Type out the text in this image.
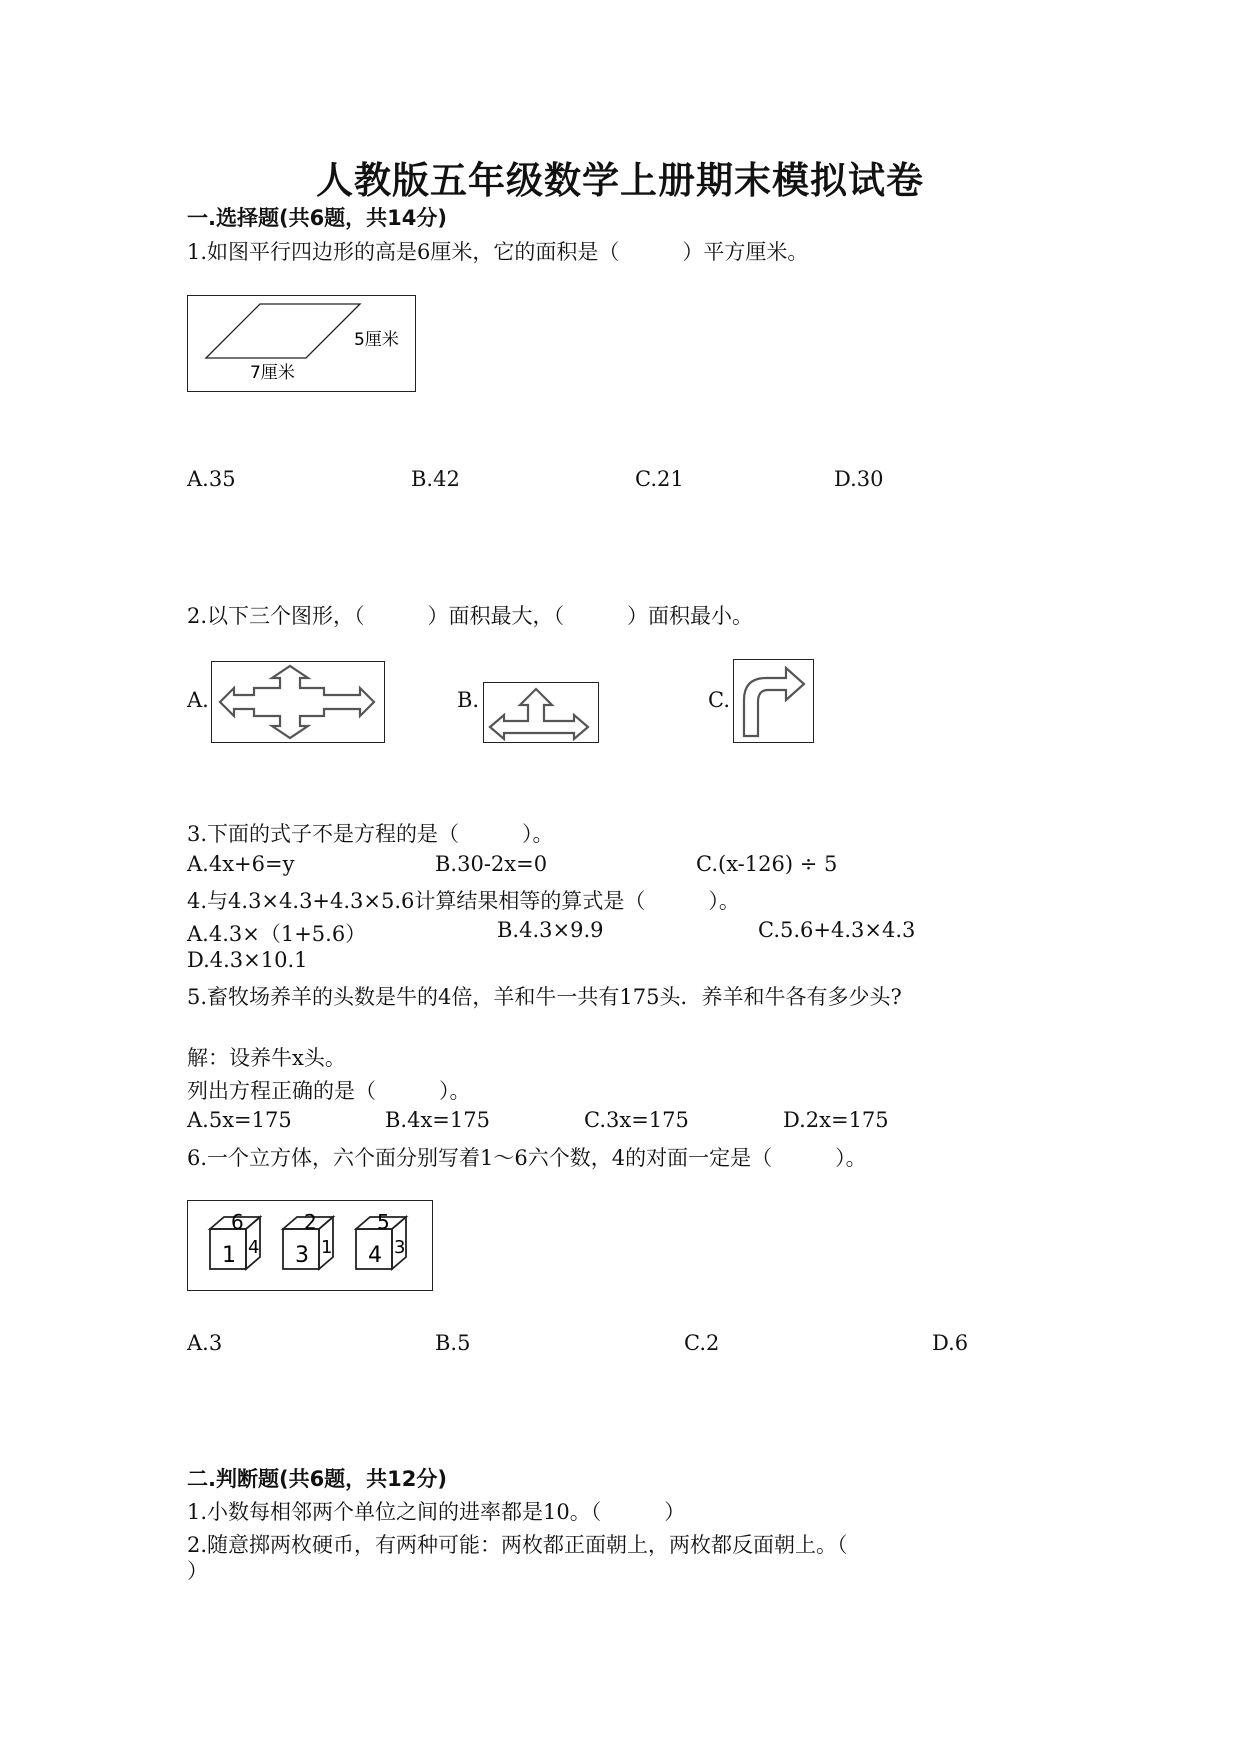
人教版五年级数学上册期末模拟试卷
一.选择题(共6题，共14分)
1.如图平行四边形的高是6厘米，它的面积是（　　　）平方厘米。
5厘米
7厘米
A.35	B.42	C.21	D.30
2.以下三个图形，（　　　）面积最大，（　　　）面积最小。
A.	B.	C.
3.下面的式子不是方程的是（　　　）。
A.4x+6=y	B.30-2x=0	C.(x-126) ÷ 5
4.与4.3×4.3+4.3×5.6计算结果相等的算式是（　　　）。
A.4.3×（1+5.6）	B.4.3×9.9	C.5.6+4.3×4.3
D.4.3×10.1
5.畜牧场养羊的头数是牛的4倍，羊和牛一共有175头．养羊和牛各有多少头?
解：设养牛x头。
列出方程正确的是（　　　）。
A.5x=175	B.4x=175	C.3x=175	D.2x=175
6.一个立方体，六个面分别写着1～6六个数，4的对面一定是（　　　）。
6
1 4
2
3 1
5
4 3
A.3	B.5	C.2	D.6
二.判断题(共6题，共12分)
1.小数每相邻两个单位之间的进率都是10。（　　　）
2.随意掷两枚硬币，有两种可能：两枚都正面朝上，两枚都反面朝上。（
）
